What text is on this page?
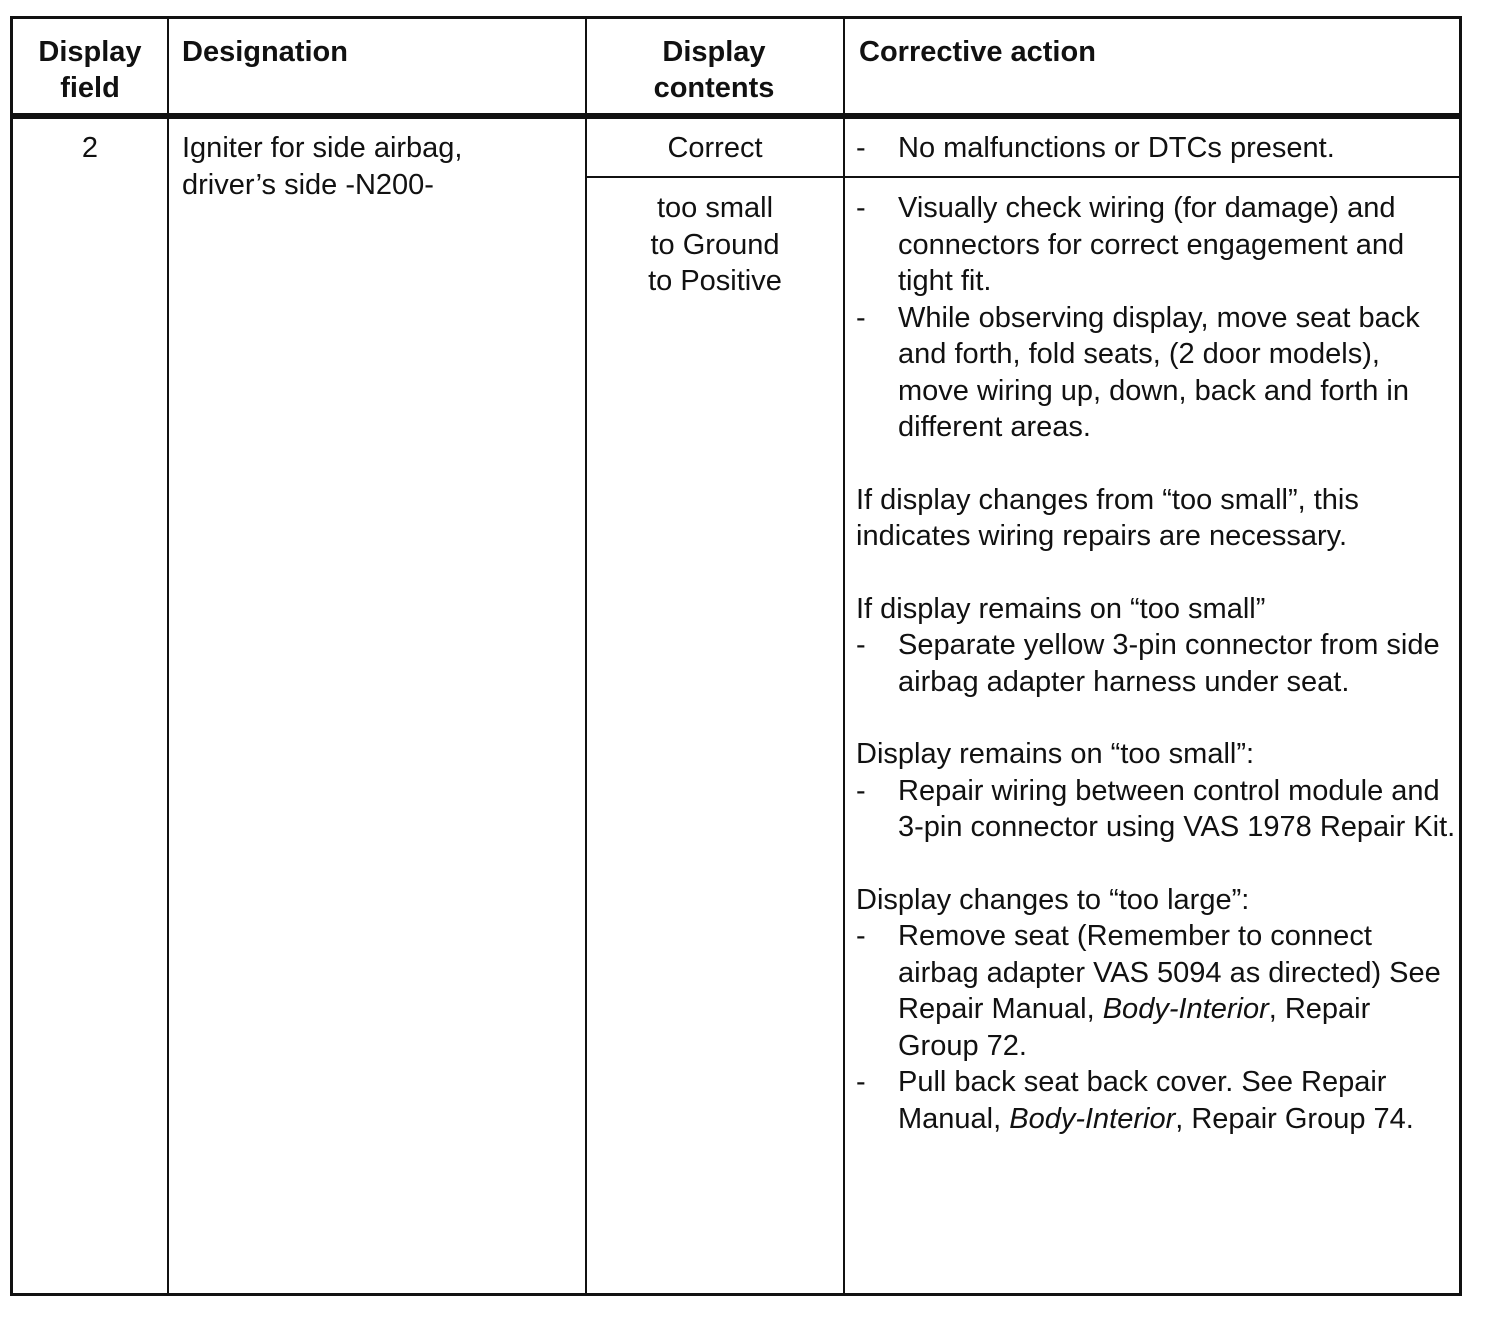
Display field
Designation	Display contents
Corrective action
2	Igniter for side airbag, driver’s side -N200-
Correct
too small
to Ground
to Positive
- No malfunctions or DTCs present.
- Visually check wiring (for damage) and connectors for correct engagement and tight fit.
- While observing display, move seat back and forth, fold seats, (2 door models), move wiring up, down, back and forth in different areas.

If display changes from “too small”, this indicates wiring repairs are necessary.

If display remains on “too small”

- Separate yellow 3-pin connector from side airbag adapter harness under seat.

Display remains on “too small”:

- Repair wiring between control module and 3-pin connector using VAS 1978 Repair Kit.

Display changes to “too large”:

- Remove seat (Remember to connect airbag adapter VAS 5094 as directed) See Repair Manual, Body-Interior, Repair Group 72.
- Pull back seat back cover. See Repair Manual, Body-Interior, Repair Group 74.
